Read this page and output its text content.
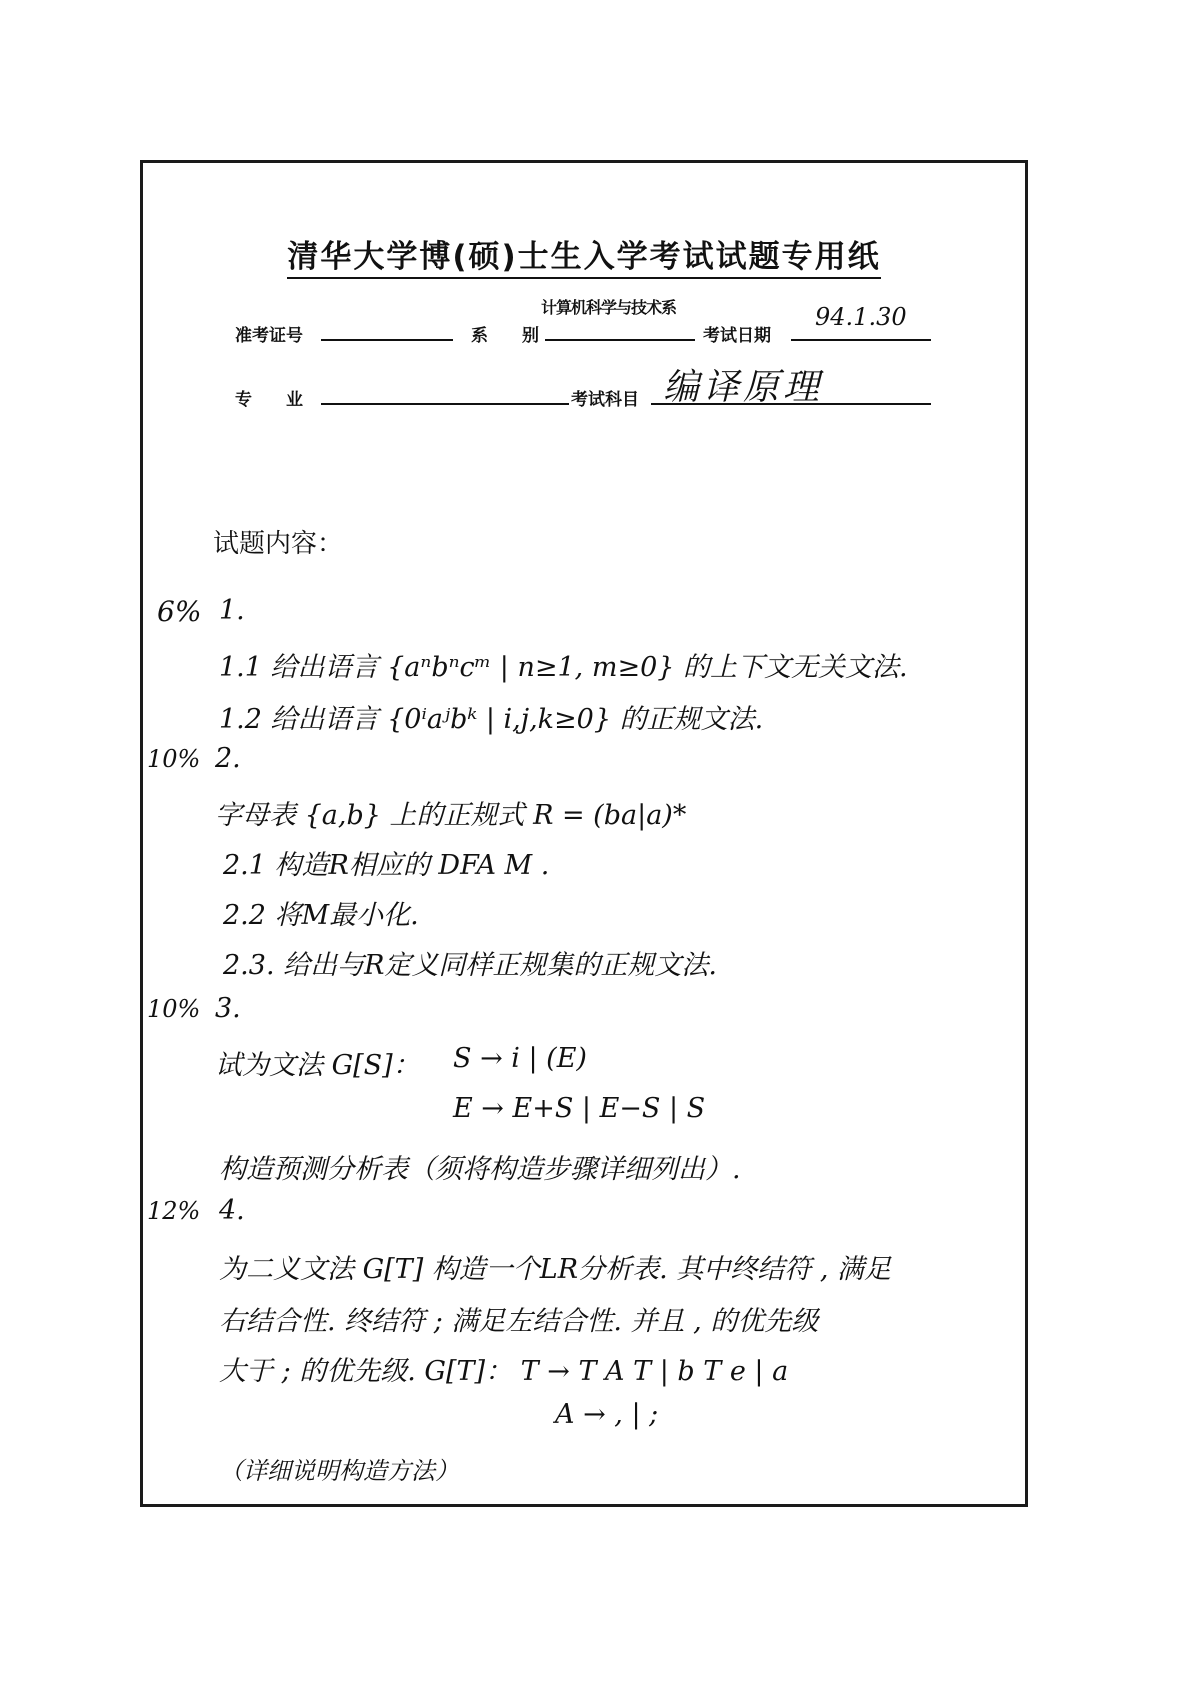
清华大学博(硕)士生入学考试试题专用纸
准考证号	系　　别
计算机科学与技术系
考试日期
94.1.30
专　　业	考试科目 编译原理
试题内容：
6% 1.
1.1 给出语言 {aⁿbⁿcᵐ | n≥1, m≥0} 的上下文无关文法.
1.2 给出语言 {0ⁱaʲbᵏ | i,j,k≥0} 的正规文法.
10% 2.
字母表 {a,b} 上的正规式 R = (ba|a)*
2.1 构造R相应的 DFA M .
2.2 将M最小化.
2.3. 给出与R定义同样正规集的正规文法.
10% 3.
试为文法 G[S]： S → i | (E)
E → E+S | E−S | S
构造预测分析表（须将构造步骤详细列出）.
12% 4.
为二义文法 G[T] 构造一个LR分析表. 其中终结符 , 满足
右结合性. 终结符 ; 满足左结合性. 并且 , 的优先级
大于 ; 的优先级. G[T]： T → T A T | b T e | a
A → , | ;
（详细说明构造方法）
